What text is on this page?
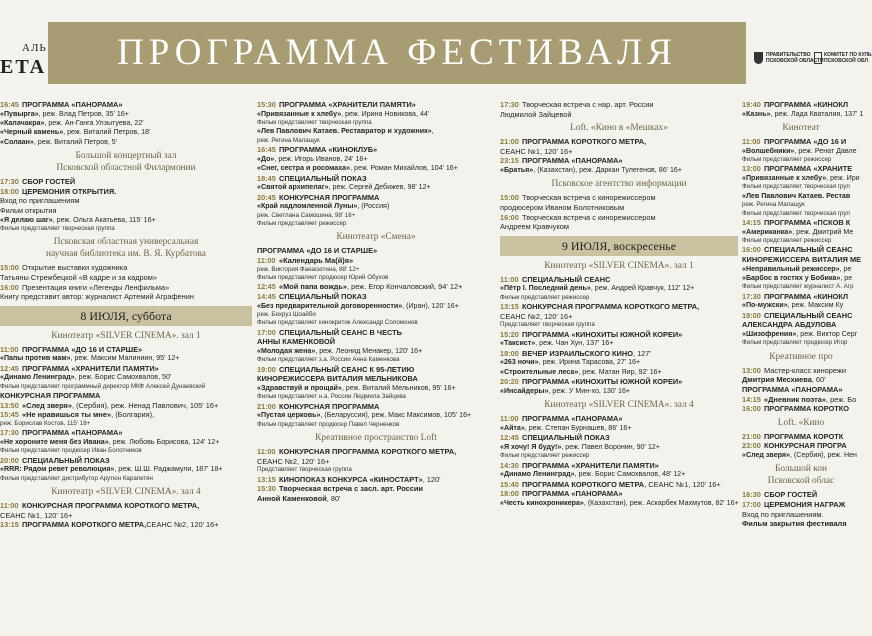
АЛЬ
ЕТА	ПРОГРАММА ФЕСТИВАЛЯ	ПРАВИТЕЛЬСТВО
ПСКОВСКОЙ ОБЛАСТИ
КОМИТЕТ ПО КУЛЬ
ПСКОВСКОЙ ОБЛ
16:45 ПРОГРАММА «ПАНОРАМА»
«Пувырга», реж. Влад Петров, 35' 16+
«Калачакра», реж. Ан-Ганга Улзытуева, 22'
«Черный камень», реж. Виталий Петров, 18'
«Солаан», реж. Виталий Петров, 5'
Большой концертный зал
Псковской областной Филармонии
17:30 СБОР ГОСТЕЙ
18:00 ЦЕРЕМОНИЯ ОТКРЫТИЯ.
Вход по приглашениям
Фильм открытия
«Я делаю шаг», реж. Ольга Акатьева, 115' 16+
Фильм представляет творческая группа
Псковская областная универсальная
научная библиотека им. В. Я. Курбатова
15:00 Открытие выставки художника
Татьяны Стрежбецкой «В кадре и за кадром»
16:00 Презентация книги «Легенды Ленфильма»
Книгу представит автор: журналист Артемий Аграфенин
8 ИЮЛЯ, суббота
Кинотеатр «SILVER CINEMA». зал 1
11:00 ПРОГРАММА «ДО 16 И СТАРШЕ»
«Папы против мам», реж. Максим Малиниин, 95' 12+
12:45 ПРОГРАММА «ХРАНИТЕЛИ ПАМЯТИ»
«Динамо Ленинград», реж. Борис Самохвалов, 50'
Фильм представляет программный директор МКФ Алексей Дунаевский
КОНКУРСНАЯ ПРОГРАММА
13:50 «След зверя» , (Сербия), реж. Ненад Павлович, 105' 16+
15:45 «Не нравишься ты мне» , (Болгария),
реж. Борислав Костов, 115' 18+
17:30 ПРОГРАММА «ПАНОРАМА»
«Не хороните меня без Ивана», реж. Любовь Борисова, 124' 12+
Фильм представляет продюсер Иван Болотников
20:00 СПЕЦИАЛЬНЫЙ ПОКАЗ
«RRR: Рядом ревет революция», реж. Ш.Ш. Раджамули, 187' 18+
Фильм представляет дистрибутор Арутюн Карапетян
Кинотеатр «SILVER CINEMA». зал 4
11:00 КОНКУРСНАЯ ПРОГРАММА КОРОТКОГО МЕТРА,
СЕАНС №1, 120' 16+
13:15 ПРОГРАММА КОРОТКОГО МЕТРА, СЕАНС №2, 120' 16+
15:30 ПРОГРАММА «ХРАНИТЕЛИ ПАМЯТИ»
«Привязанные к хлебу», реж. Ирина Новикова, 44'
Фильм представляет творческая группа
«Лев Павлович Катаев. Реставратор и художник»,
реж. Регина Малащук
16:45 ПРОГРАММА «КИНОКЛУБ»
«До», реж. Игорь Иванов, 24' 16+
«Снег, сестра и росомаха», реж. Роман Михайлов, 104' 16+
18:45 СПЕЦИАЛЬНЫЙ ПОКАЗ
«Святой архипелаг», реж. Сергей Дебижев, 98' 12+
20:45 КОНКУРСНАЯ ПРОГРАММА
«Край надломленной Луны», (Россия)
реж. Светлана Самошина, 98' 16+
Фильм представляет режиссер
Кинотеатр «Смена»
ПРОГРАММА «ДО 16 И СТАРШЕ»
11:00 «Календарь Ма(й)я»
реж. Виктория Фанасютина, 88' 12+
Фильм представляет продюсер Юрий Обухов
12:45 «Мой папа вождь» , реж. Егор Кончаловский, 94' 12+
14:45 СПЕЦИАЛЬНЫЙ ПОКАЗ
«Без предварительной договоренности», (Иран), 120' 16+
реж. Бехруз Шоайби
Фильм представляет кинокритик Александр Соломонов
17:00 СПЕЦИАЛЬНЫЙ СЕАНС В ЧЕСТЬ
АННЫ КАМЕНКОВОЙ
«Молодая жена», реж. Леонид Менакер, 120' 16+
Фильм представляет з.а. России Анна Каменкова
19:00 СПЕЦИАЛЬНЫЙ СЕАНС К 95-ЛЕТИЮ
КИНОРЕЖИССЕРА ВИТАЛИЯ МЕЛЬНИКОВА
«Здравствуй и прощай», реж. Виталий Мельников, 95' 16+
Фильм представляет н.а. России Людмила Зайцева
21:00 КОНКУРСНАЯ ПРОГРАММА
«Пустая церковь», (Беларуссия), реж. Макс Максимов, 105' 16+
Фильм представляет продюсер Павел Черненков
Креативное пространство Loft
11:00 КОНКУРСНАЯ ПРОГРАММА КОРОТКОГО МЕТРА,
СЕАНС №2, 120' 16+
Представляет творческая группа
13:15 КИНОПОКАЗ КОНКУРСА «КИНОСТАРТ» , 120'
15:30 Творческая встреча с засл. арт. России
Анной Каменковой, 80'
17:30 Творческая встреча с нар. арт. России
Людмилой Зайцевой
Loft. «Кино в «Мешках»
21:00 ПРОГРАММА КОРОТКОГО МЕТРА,
СЕАНС №1, 120' 16+
23:15 ПРОГРАММА «ПАНОРАМА»
«Братья», (Казахстан), реж. Даркан Тулегенов, 86' 16+
Псковское агентство информации
15:00 Творческая встреча с кинорежиссером
продюсером Иваном Болотниковым
16:00 Творческая встреча с кинорежиссером
Андреем Кравчуком
9 ИЮЛЯ, воскресенье
Кинотеатр «SILVER CINEMA». зал 1
11:00 СПЕЦИАЛЬНЫЙ СЕАНС
«Пётр I. Последний день», реж. Андрей Кравчук, 112' 12+
Фильм представляет режиссер
13:15 КОНКУРСНАЯ ПРОГРАММА КОРОТКОГО МЕТРА,
СЕАНС №2, 120' 16+
Представляет творческая группа
15:20 ПРОГРАММА «КИНОХИТЫ ЮЖНОЙ КОРЕИ»
«Таксист», реж. Чан Хун, 137' 16+
18:00 ВЕЧЕР ИЗРАИЛЬСКОГО КИНО , 127'
«263 ночи», реж. Ирина Тарасова, 27' 16+
«Строительные леса», реж. Матан Яир, 92' 16+
20:20 ПРОГРАММА «КИНОХИТЫ ЮЖНОЙ КОРЕИ»
«Инсайдеры», реж. У Мин-хо, 130' 16+
Кинотеатр «SILVER CINEMA». зал 4
11:00 ПРОГРАММА «ПАНОРАМА»
«Айта», реж. Степан Бурнашев, 86' 16+
12:45 СПЕЦИАЛЬНЫЙ ПОКАЗ
«Я хочу! Я буду!», реж. Павел Воронин, 90' 12+
Фильм представляет режиссер
14:30 ПРОГРАММА «ХРАНИТЕЛИ ПАМЯТИ»
«Динамо Ленинград», реж. Борис Самохвалов, 48' 12+
15:40 ПРОГРАММА КОРОТКОГО МЕТРА , СЕАНС №1, 120' 16+
18:00 ПРОГРАММА «ПАНОРАМА»
«Честь кинохроникера», (Казахстан), реж. Аскарбек Махмутов, 82' 16+
19:40 ПРОГРАММА «КИНОКЛ
«Казнь», реж. Лада Кваталия, 137' 1
Кинотеат
11:00 ПРОГРАММА «ДО 16 И
«Волшебники», реж. Ренат Давле
Фильм представляет режиссер
13:00 ПРОГРАММА «ХРАНИТЕ
«Привязанные к хлебу», реж. Ири
Фильм представляет творческая груп
«Лев Павлович Катаев. Рестав
реж. Регина Малащук
Фильм представляет творческая груп
14:15 ПРОГРАММА «ПСКОВ К
«Американка», реж. Дмитрий Ме
Фильм представляет режиссер
16:00 СПЕЦИАЛЬНЫЙ СЕАНС
КИНОРЕЖИССЕРА ВИТАЛИЯ МЕ
«Неправильный режиссер», ре
«Барбос в гостях у Бобика», ре
Фильм представляет журналист А. Агр
17:30 ПРОГРАММА «КИНОКЛ
«По-мужски», реж. Максим Ку
19:00 СПЕЦИАЛЬНЫЙ СЕАНС
АЛЕКСАНДРА АБДУЛОВА
«Шизофрения», реж. Виктор Серг
Фильм представляет продюсер Игор
Креативное про
13:00 Мастер-класс кинорежи
Дмитрия Месхиева, 60'
ПРОГРАММА «ПАНОРАМА»
14:15 «Дневник поэта» , реж. Бо
16:00 ПРОГРАММА КОРОТКО
Loft. «Кино
21:00 ПРОГРАММА КОРОТК
23:00 КОНКУРСНАЯ ПРОГРА
«След зверя», (Сербия), реж. Нен
Большой кон
Псковской облас
16:30 СБОР ГОСТЕЙ
17:00 ЦЕРЕМОНИЯ НАГРАЖ
Вход по приглашениям.
Фильм закрытия фестиваля
